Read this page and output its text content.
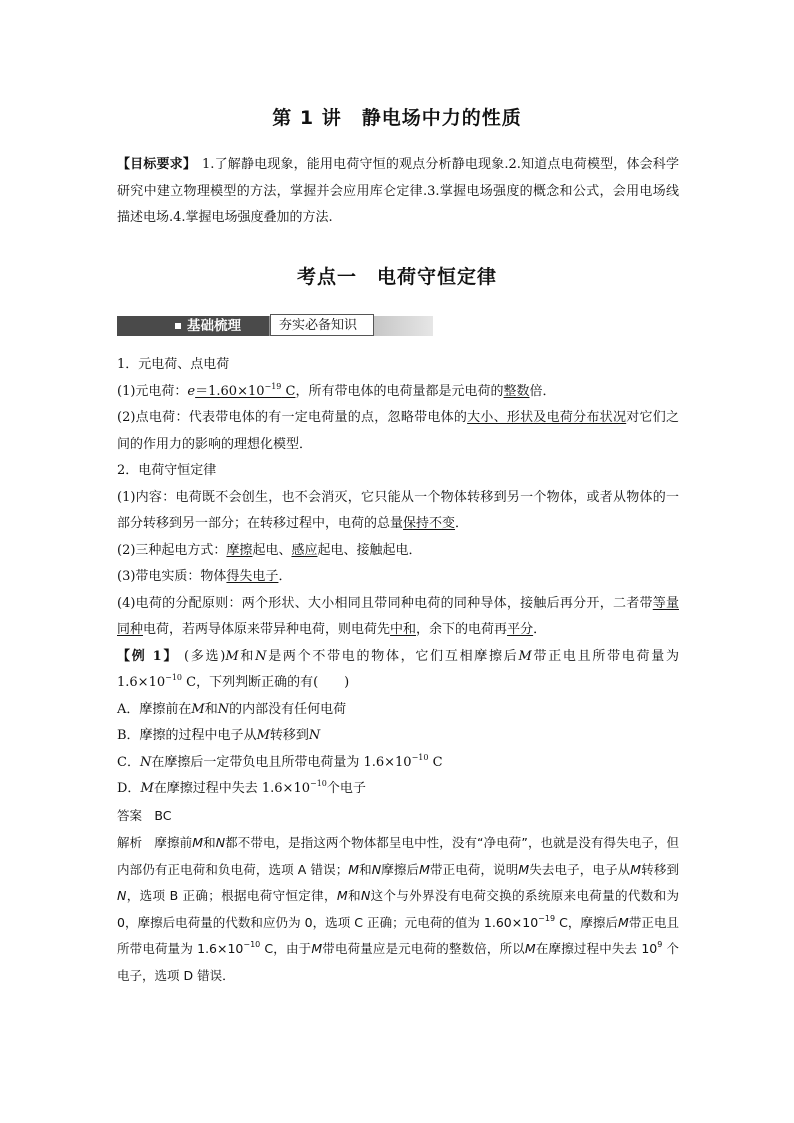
第 1 讲　静电场中力的性质
【目标要求】 1.了解静电现象，能用电荷守恒的观点分析静电现象.2.知道点电荷模型，体会科学研究中建立物理模型的方法，掌握并会应用库仑定律.3.掌握电场强度的概念和公式，会用电场线描述电场.4.掌握电场强度叠加的方法.
考点一　电荷守恒定律
基础梳理	夯实必备知识

1．元电荷、点电荷

(1)元电荷：$e=1.60\times 10^{-19}$ C，所有带电体的电荷量都是元电荷的整数倍．

(2)点电荷：代表带电体的有一定电荷量的点，忽略带电体的大小、形状及电荷分布状况对它们之间的作用力的影响的理想化模型．

2．电荷守恒定律

(1)内容：电荷既不会创生，也不会消灭，它只能从一个物体转移到另一个物体，或者从物体的一部分转移到另一部分；在转移过程中，电荷的总量保持不变．

(2)三种起电方式：摩擦起电、感应起电、接触起电．

(3)带电实质：物体得失电子．

(4)电荷的分配原则：两个形状、大小相同且带同种电荷的同种导体，接触后再分开，二者带等量同种电荷，若两导体原来带异种电荷，则电荷先中和，余下的电荷再平分．

【例 1】 (多选)M和N是两个不带电的物体，它们互相摩擦后M带正电且所带电荷量为 $1.6\times 10^{-10}$ C，下列判断正确的有(　　)

A．摩擦前在M和N的内部没有任何电荷

B．摩擦的过程中电子从M转移到N

C．N在摩擦后一定带负电且所带电荷量为 $1.6\times 10^{-10}$ C

D．M在摩擦过程中失去 $1.6\times 10^{-10}$个电子

答案 BC

解析 摩擦前M和N都不带电，是指这两个物体都呈电中性，没有“净电荷”，也就是没有得失电子，但内部仍有正电荷和负电荷，选项 A 错误；M和N摩擦后M带正电荷，说明M失去电子，电子从M转移到N，选项 B 正确；根据电荷守恒定律，M和N这个与外界没有电荷交换的系统原来电荷量的代数和为 0，摩擦后电荷量的代数和应仍为 0，选项 C 正确；元电荷的值为 $1.60\times 10^{-19}$ C，摩擦后M带正电且所带电荷量为 $1.6\times 10^{-10}$ C，由于M带电荷量应是元电荷的整数倍，所以M在摩擦过程中失去 $10^9$ 个电子，选项 D 错误．
